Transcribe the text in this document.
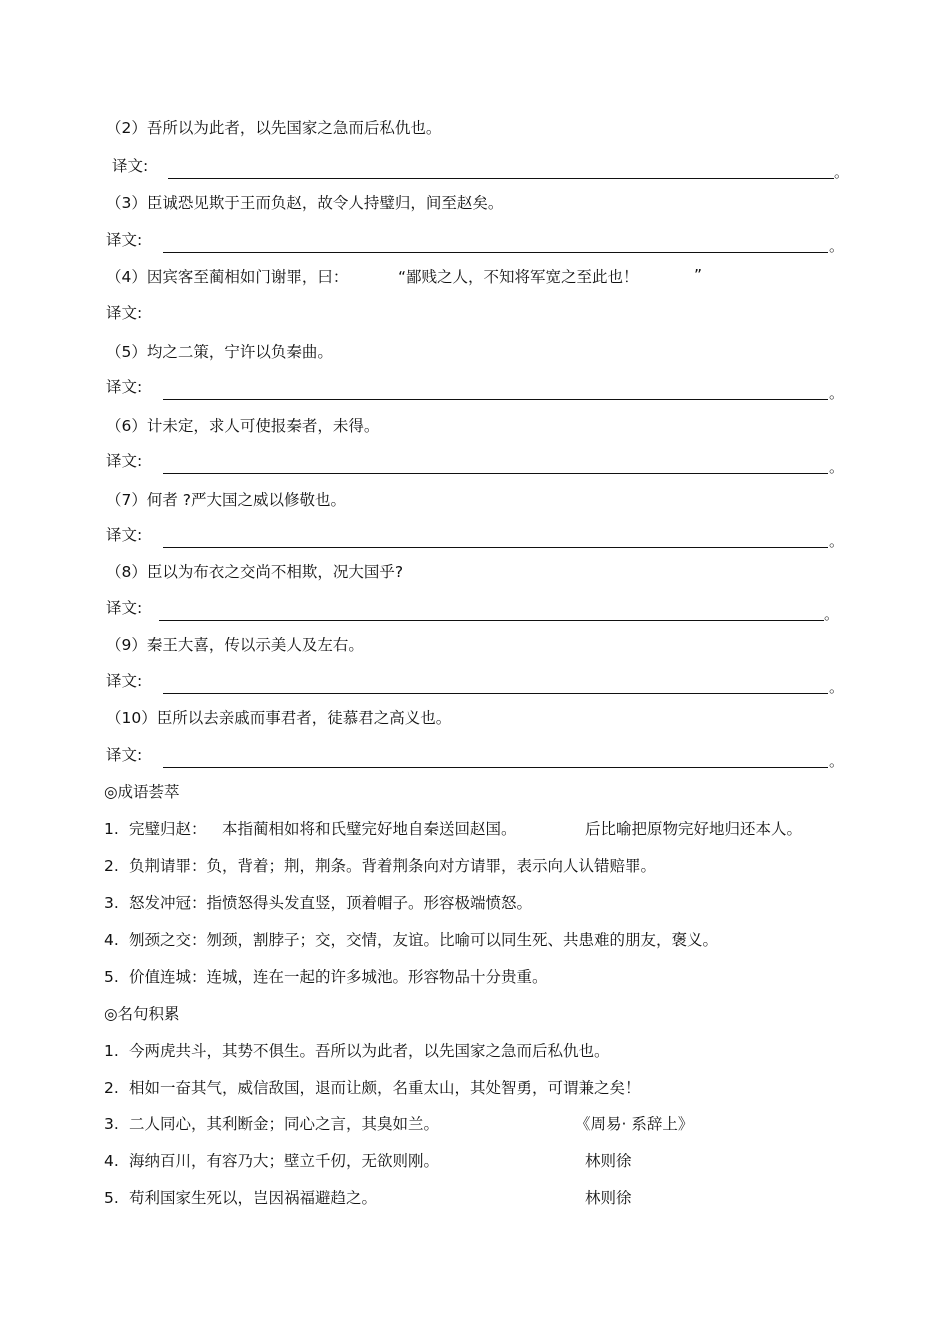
（2）吾所以为此者，以先国家之急而后私仇也。
译文:	。
（3）臣诚恐见欺于王而负赵，故令人持璧归，间至赵矣。
译文:	。
（4）因宾客至蔺相如门谢罪，曰：	“鄙贱之人，不知将军宽之至此也！	”
译文:
（5）均之二策，宁许以负秦曲。
译文:	。
（6）计未定，求人可使报秦者，未得。
译文:	。
（7）何者 ?严大国之威以修敬也。
译文:	。
（8）臣以为布衣之交尚不相欺，况大国乎?
译文:	。
（9）秦王大喜，传以示美人及左右。
译文:	。
（10）臣所以去亲戚而事君者，徒慕君之高义也。
译文:	。
◎成语荟萃
1. 完璧归赵： 本指蔺相如将和氏璧完好地自秦送回赵国。	后比喻把原物完好地归还本人。
2. 负荆请罪：负，背着；荆，荆条。背着荆条向对方请罪，表示向人认错赔罪。
3. 怒发冲冠：指愤怒得头发直竖，顶着帽子。形容极端愤怒。
4. 刎颈之交：刎颈，割脖子；交，交情，友谊。比喻可以同生死、共患难的朋友，褒义。
5. 价值连城：连城，连在一起的许多城池。形容物品十分贵重。
◎名句积累
1. 今两虎共斗，其势不俱生。吾所以为此者，以先国家之急而后私仇也。
2. 相如一奋其气，威信敌国，退而让颇，名重太山，其处智勇，可谓兼之矣！
3. 二人同心，其利断金；同心之言，其臭如兰。	《周易· 系辞上》
4. 海纳百川，有容乃大；壁立千仞，无欲则刚。	林则徐
5. 苟利国家生死以，岂因祸福避趋之。	林则徐
